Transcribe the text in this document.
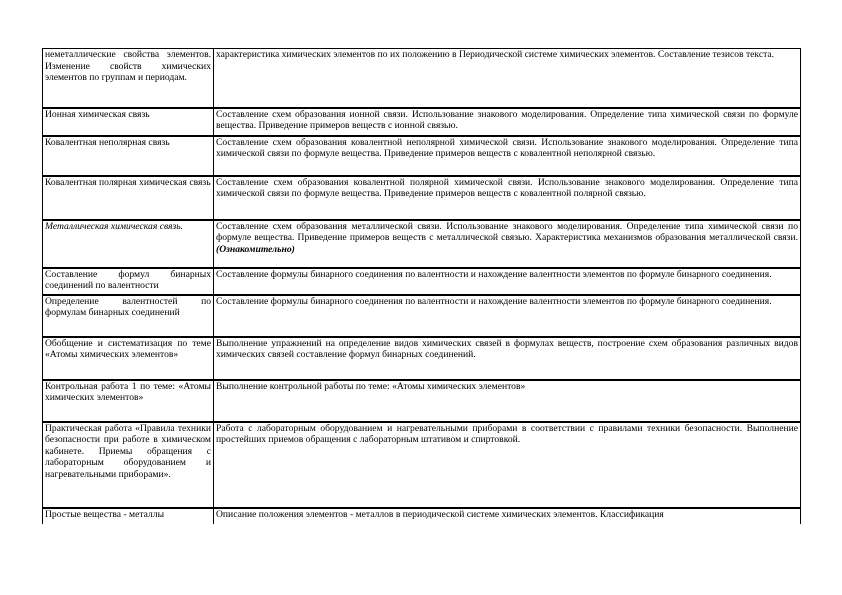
неметаллические свойства элементов. Изменение свойств химических элементов по группам и периодам.	характеристика химических элементов по их положению в Периодической системе химических элементов. Составление тезисов текста.
Ионная химическая связь	Составление схем образования ионной связи. Использование знакового моделирования. Определение типа химической связи по формуле вещества. Приведение примеров веществ с ионной связью.
Ковалентная неполярная связь	Составление схем образования ковалентной неполярной химической связи. Использование знакового моделирования. Определение типа химической связи по формуле вещества. Приведение примеров веществ с ковалентной неполярной связью.
Ковалентная полярная химическая связь	Составление схем образования ковалентной полярной химической связи. Использование знакового моделирования. Определение типа химической связи по формуле вещества. Приведение примеров веществ с ковалентной полярной связью.
Металлическая химическая связь.	Составление схем образования металлической связи. Использование знакового моделирования. Определение типа химической связи по формуле вещества. Приведение примеров веществ с металлической связью. Характеристика механизмов образования металлической связи. (Ознакомительно)
Составление формул бинарных соединений по валентности	Составление формулы бинарного соединения по валентности и нахождение валентности элементов по формуле бинарного соединения.
Определение валентностей по формулам бинарных соединений	Составление формулы бинарного соединения по валентности и нахождение валентности элементов по формуле бинарного соединения.
Обобщение и систематизация по теме «Атомы химических элементов»	Выполнение упражнений на определение видов химических связей в формулах веществ, построение схем образования различных видов химических связей составление формул бинарных соединений.
Контрольная работа 1 по теме: «Атомы химических элементов»	Выполнение контрольной работы по теме: «Атомы химических элементов»
Практическая работа «Правила техники безопасности при работе в химическом кабинете. Приемы обращения с лабораторным оборудованием и нагревательными приборами».	Работа с лабораторным оборудованием и нагревательными приборами в соответствии с правилами техники безопасности. Выполнение простейших приемов обращения с лабораторным штативом и спиртовкой.
Простые вещества - металлы	Описание положения элементов - металлов в периодической системе химических элементов. Классификация
